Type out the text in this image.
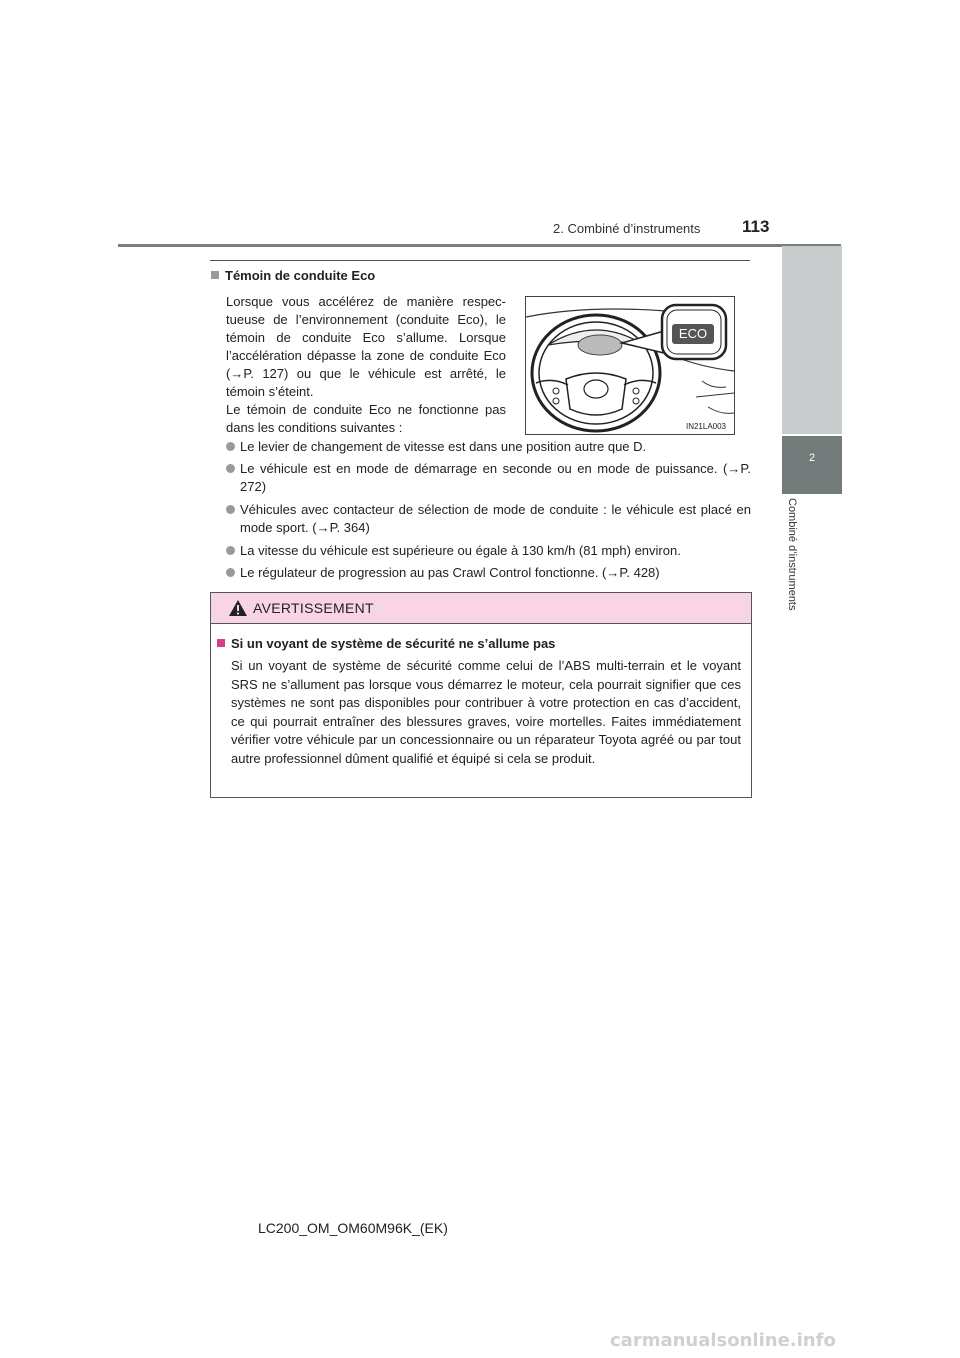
2. Combiné d’instruments 113
2
Combiné d’instruments
Témoin de conduite Eco

Lorsque vous accélérez de manière respec-tueuse de l’environnement (conduite Eco), le témoin de conduite Eco s’allume. Lorsque l’accélération dépasse la zone de conduite Eco (→P. 127) ou que le véhicule est arrêté, le témoin s’éteint.

Le témoin de conduite Eco ne fonctionne pas dans les conditions suivantes :

ECO
IN21LA003
Le levier de changement de vitesse est dans une position autre que D.
Le véhicule est en mode de démarrage en seconde ou en mode de puissance. (→P. 272)
Véhicules avec contacteur de sélection de mode de conduite : le véhicule est placé en mode sport. (→P. 364)
La vitesse du véhicule est supérieure ou égale à 130 km/h (81 mph) environ.
Le régulateur de progression au pas Crawl Control fonctionne. (→P. 428)
AVERTISSEMENT
Si un voyant de système de sécurité ne s’allume pas

Si un voyant de système de sécurité comme celui de l’ABS multi-terrain et le voyant SRS ne s’allument pas lorsque vous démarrez le moteur, cela pourrait signifier que ces systèmes ne sont pas disponibles pour contribuer à votre protection en cas d’accident, ce qui pourrait entraîner des blessures graves, voire mortelles. Faites immédiatement vérifier votre véhicule par un concessionnaire ou un réparateur Toyota agréé ou par tout autre professionnel dûment qualifié et équipé si cela se produit.

LC200_OM_OM60M96K_(EK)
carmanualsonline.info
